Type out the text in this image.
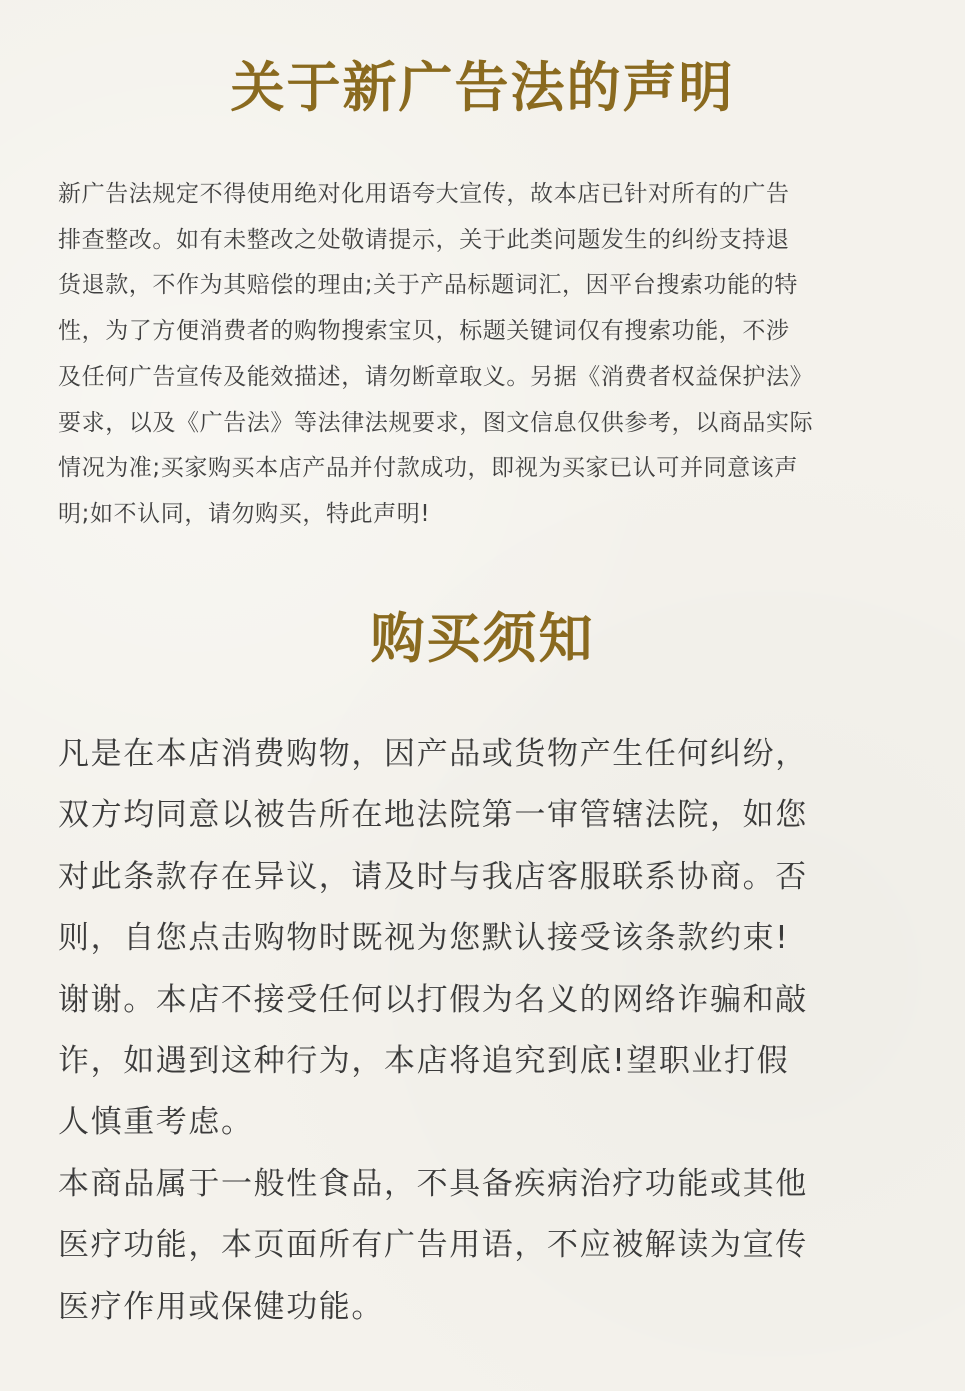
关于新广告法的声明

新广告法规定不得使用绝对化用语夸大宣传，故本店已针对所有的广告
排查整改。如有未整改之处敬请提示，关于此类问题发生的纠纷支持退
货退款，不作为其赔偿的理由;关于产品标题词汇，因平台搜索功能的特
性，为了方便消费者的购物搜索宝贝，标题关键词仅有搜索功能，不涉
及任何广告宣传及能效描述，请勿断章取义。另据《消费者权益保护法》
要求，以及《广告法》等法律法规要求，图文信息仅供参考，以商品实际
情况为准;买家购买本店产品并付款成功，即视为买家已认可并同意该声
明;如不认同，请勿购买，特此声明!

购买须知

凡是在本店消费购物，因产品或货物产生任何纠纷，
双方均同意以被告所在地法院第一审管辖法院，如您
对此条款存在异议，请及时与我店客服联系协商。否
则，自您点击购物时既视为您默认接受该条款约束!
谢谢。本店不接受任何以打假为名义的网络诈骗和敲
诈，如遇到这种行为，本店将追究到底!望职业打假
人慎重考虑。

本商品属于一般性食品，不具备疾病治疗功能或其他
医疗功能，本页面所有广告用语，不应被解读为宣传
医疗作用或保健功能。
